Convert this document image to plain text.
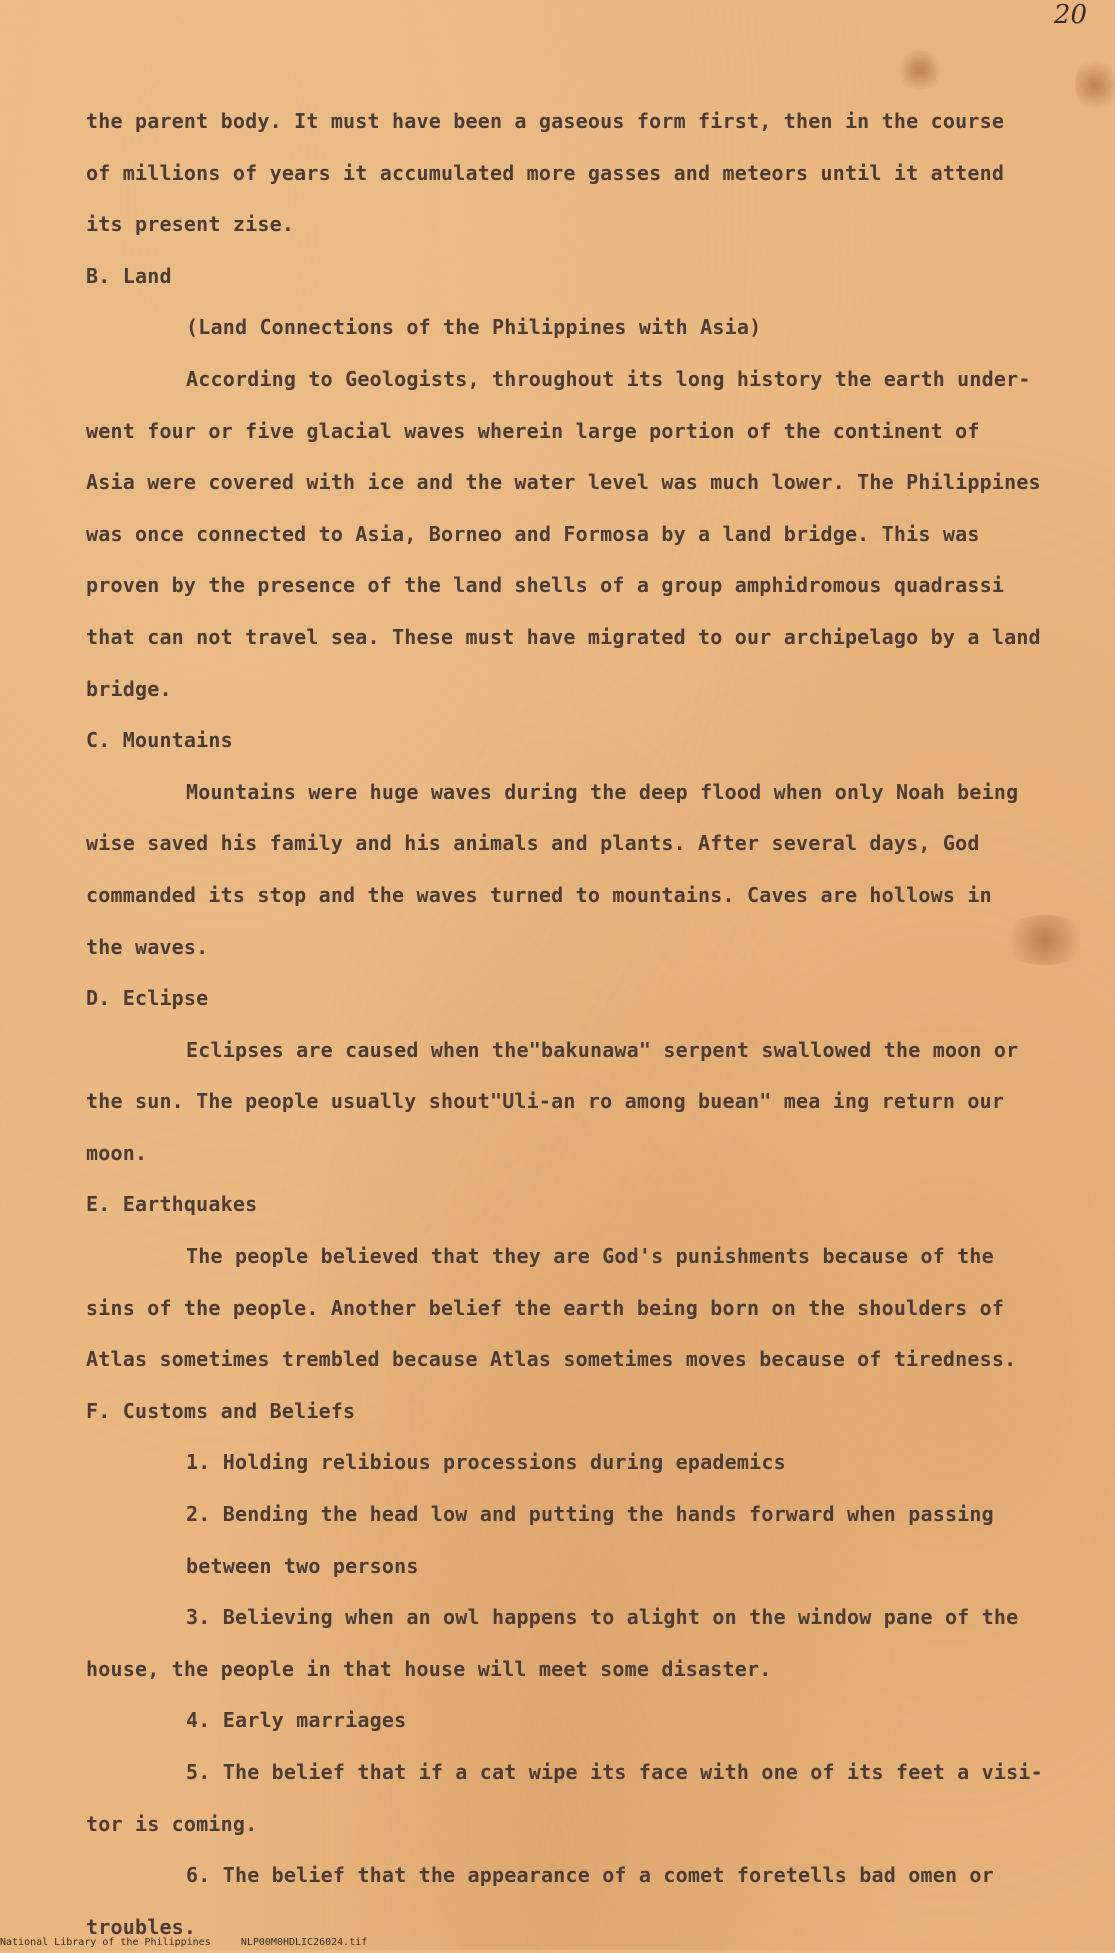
20
the parent body. It must have been a gaseous form first, then in the course
of millions of years it accumulated more gasses and meteors until it attend
its present zise.
B. Land
(Land Connections of the Philippines with Asia)
According to Geologists, throughout its long history the earth under-
went four or five glacial waves wherein large portion of the continent of
Asia were covered with ice and the water level was much lower. The Philippines
was once connected to Asia, Borneo and Formosa by a land bridge. This was
proven by the presence of the land shells of a group amphidromous quadrassi
that can not travel sea. These must have migrated to our archipelago by a land
bridge.
C. Mountains
Mountains were huge waves during the deep flood when only Noah being
wise saved his family and his animals and plants. After several days, God
commanded its stop and the waves turned to mountains. Caves are hollows in
the waves.
D. Eclipse
Eclipses are caused when the"bakunawa" serpent swallowed the moon or
the sun. The people usually shout"Uli-an ro among buean" mea ing return our
moon.
E. Earthquakes
The people believed that they are God's punishments because of the
sins of the people. Another belief the earth being born on the shoulders of
Atlas sometimes trembled because Atlas sometimes moves because of tiredness.
F. Customs and Beliefs
1. Holding relibious processions during epademics
2. Bending the head low and putting the hands forward when passing
between two persons
3. Believing when an owl happens to alight on the window pane of the
house, the people in that house will meet some disaster.
4. Early marriages
5. The belief that if a cat wipe its face with one of its feet a visi-
tor is coming.
6. The belief that the appearance of a comet foretells bad omen or
troubles.
National Library of the Philippines     NLP00M0HDLIC26024.tif
